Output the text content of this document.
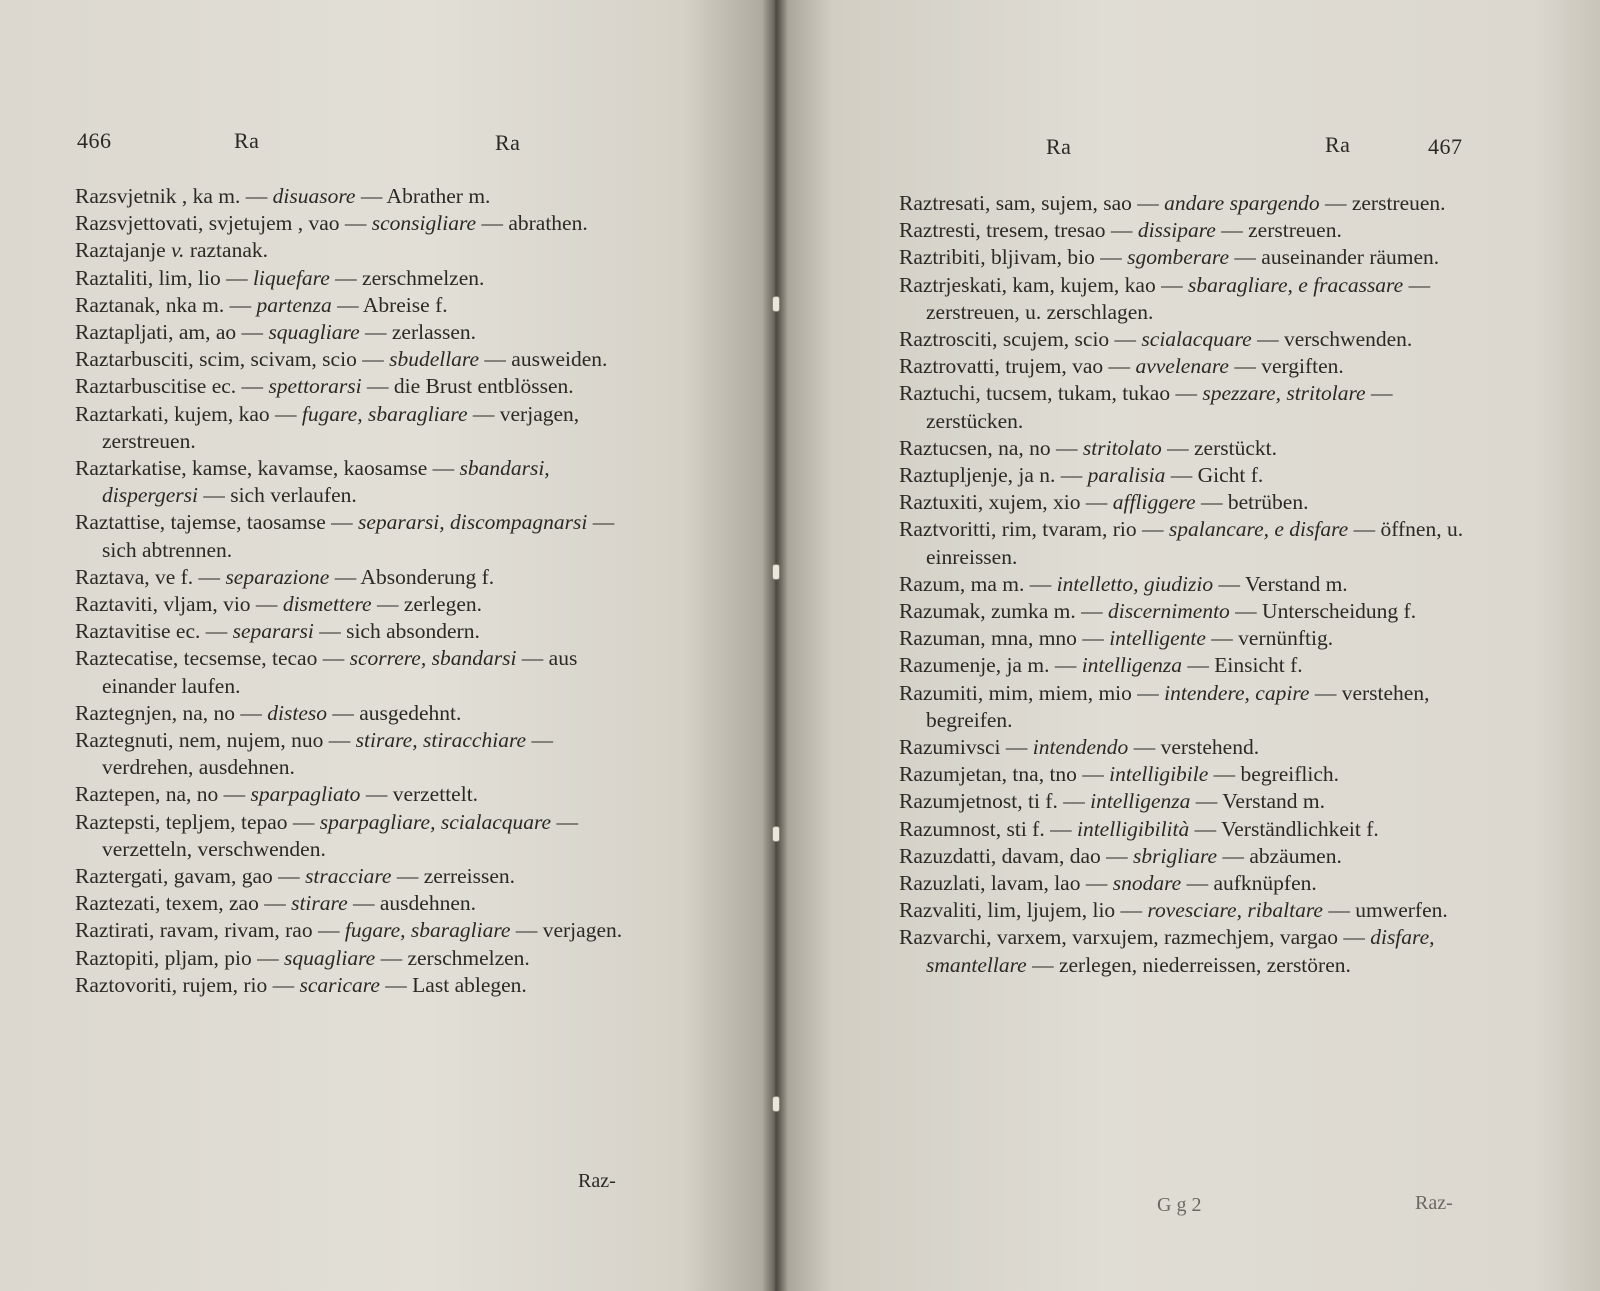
466	Ra	Ra

Razsvjetnik , ka m. — disuasore — Abrather m.

Razsvjettovati, svjetujem , vao — sconsigliare — abrathen.

Raztajanje v. raztanak.

Raztaliti, lim, lio — liquefare — zerschmelzen.

Raztanak, nka m. — partenza — Abreise f.

Raztapljati, am, ao — squagliare — zerlassen.

Raztarbusciti, scim, scivam, scio — sbudellare — ausweiden.

Raztarbuscitise ec. — spettorarsi — die Brust entblössen.

Raztarkati, kujem, kao — fugare, sbaragliare — verjagen, zerstreuen.

Raztarkatise, kamse, kavamse, kaosamse — sbandarsi, dispergersi — sich verlaufen.

Raztattise, tajemse, taosamse — separarsi, discompagnarsi — sich abtrennen.

Raztava, ve f. — separazione — Absonderung f.

Raztaviti, vljam, vio — dismettere — zerlegen.

Raztavitise ec. — separarsi — sich absondern.

Raztecatise, tecsemse, tecao — scorrere, sbandarsi — aus einander laufen.

Raztegnjen, na, no — disteso — ausgedehnt.

Raztegnuti, nem, nujem, nuo — stirare, stiracchiare — verdrehen, ausdehnen.

Raztepen, na, no — sparpagliato — verzettelt.

Raztepsti, tepljem, tepao — sparpagliare, scialacquare — verzetteln, verschwenden.

Raztergati, gavam, gao — stracciare — zerreissen.

Raztezati, texem, zao — stirare — ausdehnen.

Raztirati, ravam, rivam, rao — fugare, sbaragliare — verjagen.

Raztopiti, pljam, pio — squagliare — zerschmelzen.

Raztovoriti, rujem, rio — scaricare — Last ablegen.

Raz-
Ra	Ra	467

Raztresati, sam, sujem, sao — andare spargendo — zerstreuen.

Raztresti, tresem, tresao — dissipare — zerstreuen.

Raztribiti, bljivam, bio — sgomberare — auseinander räumen.

Raztrjeskati, kam, kujem, kao — sbaragliare, e fracassare — zerstreuen, u. zerschlagen.

Raztrosciti, scujem, scio — scialacquare — verschwenden.

Raztrovatti, trujem, vao — avvelenare — vergiften.

Raztuchi, tucsem, tukam, tukao — spezzare, stritolare — zerstücken.

Raztucsen, na, no — stritolato — zerstückt.

Raztupljenje, ja n. — paralisia — Gicht f.

Raztuxiti, xujem, xio — affliggere — betrüben.

Raztvoritti, rim, tvaram, rio — spalancare, e disfare — öffnen, u. einreissen.

Razum, ma m. — intelletto, giudizio — Verstand m.

Razumak, zumka m. — discernimento — Unterscheidung f.

Razuman, mna, mno — intelligente — vernünftig.

Razumenje, ja m. — intelligenza — Einsicht f.

Razumiti, mim, miem, mio — intendere, capire — verstehen, begreifen.

Razumivsci — intendendo — verstehend.

Razumjetan, tna, tno — intelligibile — begreiflich.

Razumjetnost, ti f. — intelligenza — Verstand m.

Razumnost, sti f. — intelligibilità — Verständlichkeit f.

Razuzdatti, davam, dao — sbrigliare — abzäumen.

Razuzlati, lavam, lao — snodare — aufknüpfen.

Razvaliti, lim, ljujem, lio — rovesciare, ribaltare — umwerfen.

Razvarchi, varxem, varxujem, razmechjem, vargao — disfare, smantellare — zerlegen, niederreissen, zerstören.

G g 2	Raz-
